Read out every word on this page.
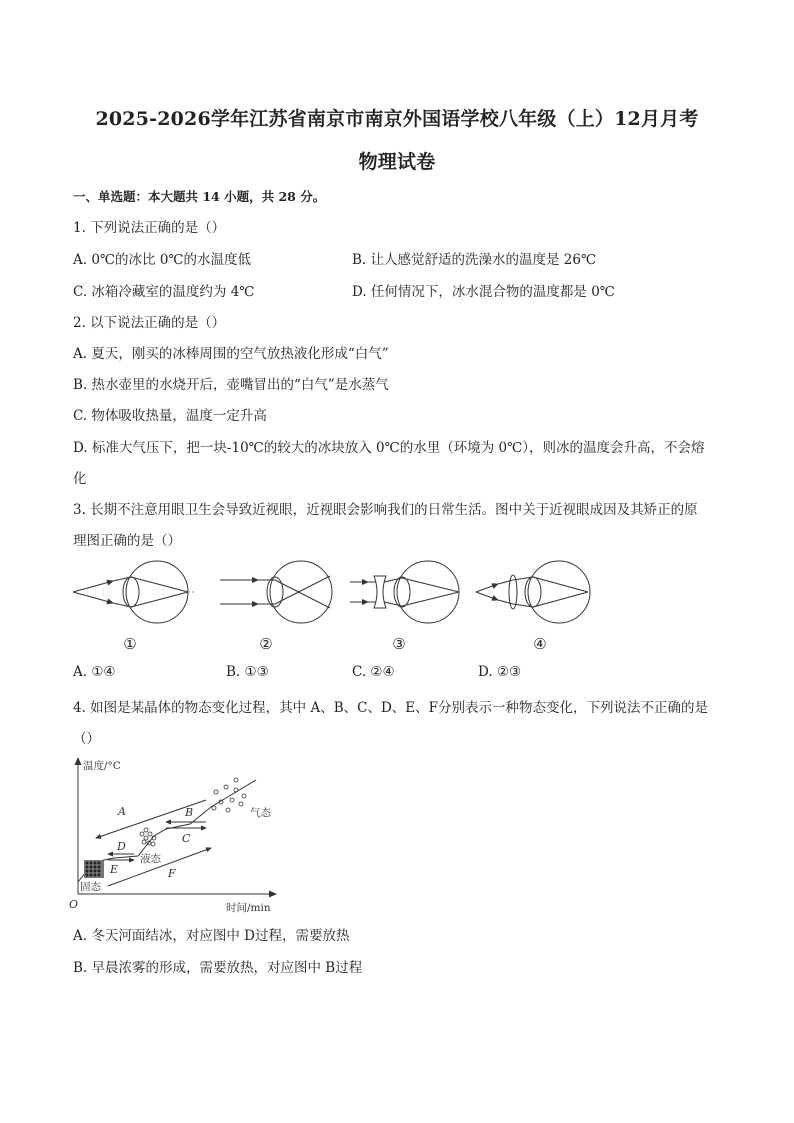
2025-2026学年江苏省南京市南京外国语学校八年级（上）12月月考
物理试卷
一、单选题：本大题共 14 小题，共 28 分。
1. 下列说法正确的是（）
A. 0℃的冰比 0℃的水温度低	B. 让人感觉舒适的洗澡水的温度是 26℃
C. 冰箱冷藏室的温度约为 4℃	D. 任何情况下，冰水混合物的温度都是 0℃
2. 以下说法正确的是（）
A. 夏天，刚买的冰棒周围的空气放热液化形成“白气”
B. 热水壶里的水烧开后，壶嘴冒出的“白气”是水蒸气
C. 物体吸收热量，温度一定升高
D. 标准大气压下，把一块-10℃的较大的冰块放入 0℃的水里（环境为 0℃），则冰的温度会升高，不会熔
化
3. 长期不注意用眼卫生会导致近视眼，近视眼会影响我们的日常生活。图中关于近视眼成因及其矫正的原
理图正确的是（）
①	②	③	④
A. ①④	B. ①③	C. ②④	D. ②③
4. 如图是某晶体的物态变化过程，其中 A、B、C、D、E、F分别表示一种物态变化，下列说法不正确的是
（）
温度/°C
时间/min
O
固态
液态
气态
A	B
C
D
E	F
A. 冬天河面结冰，对应图中 D过程，需要放热
B. 早晨浓雾的形成，需要放热，对应图中 B过程
